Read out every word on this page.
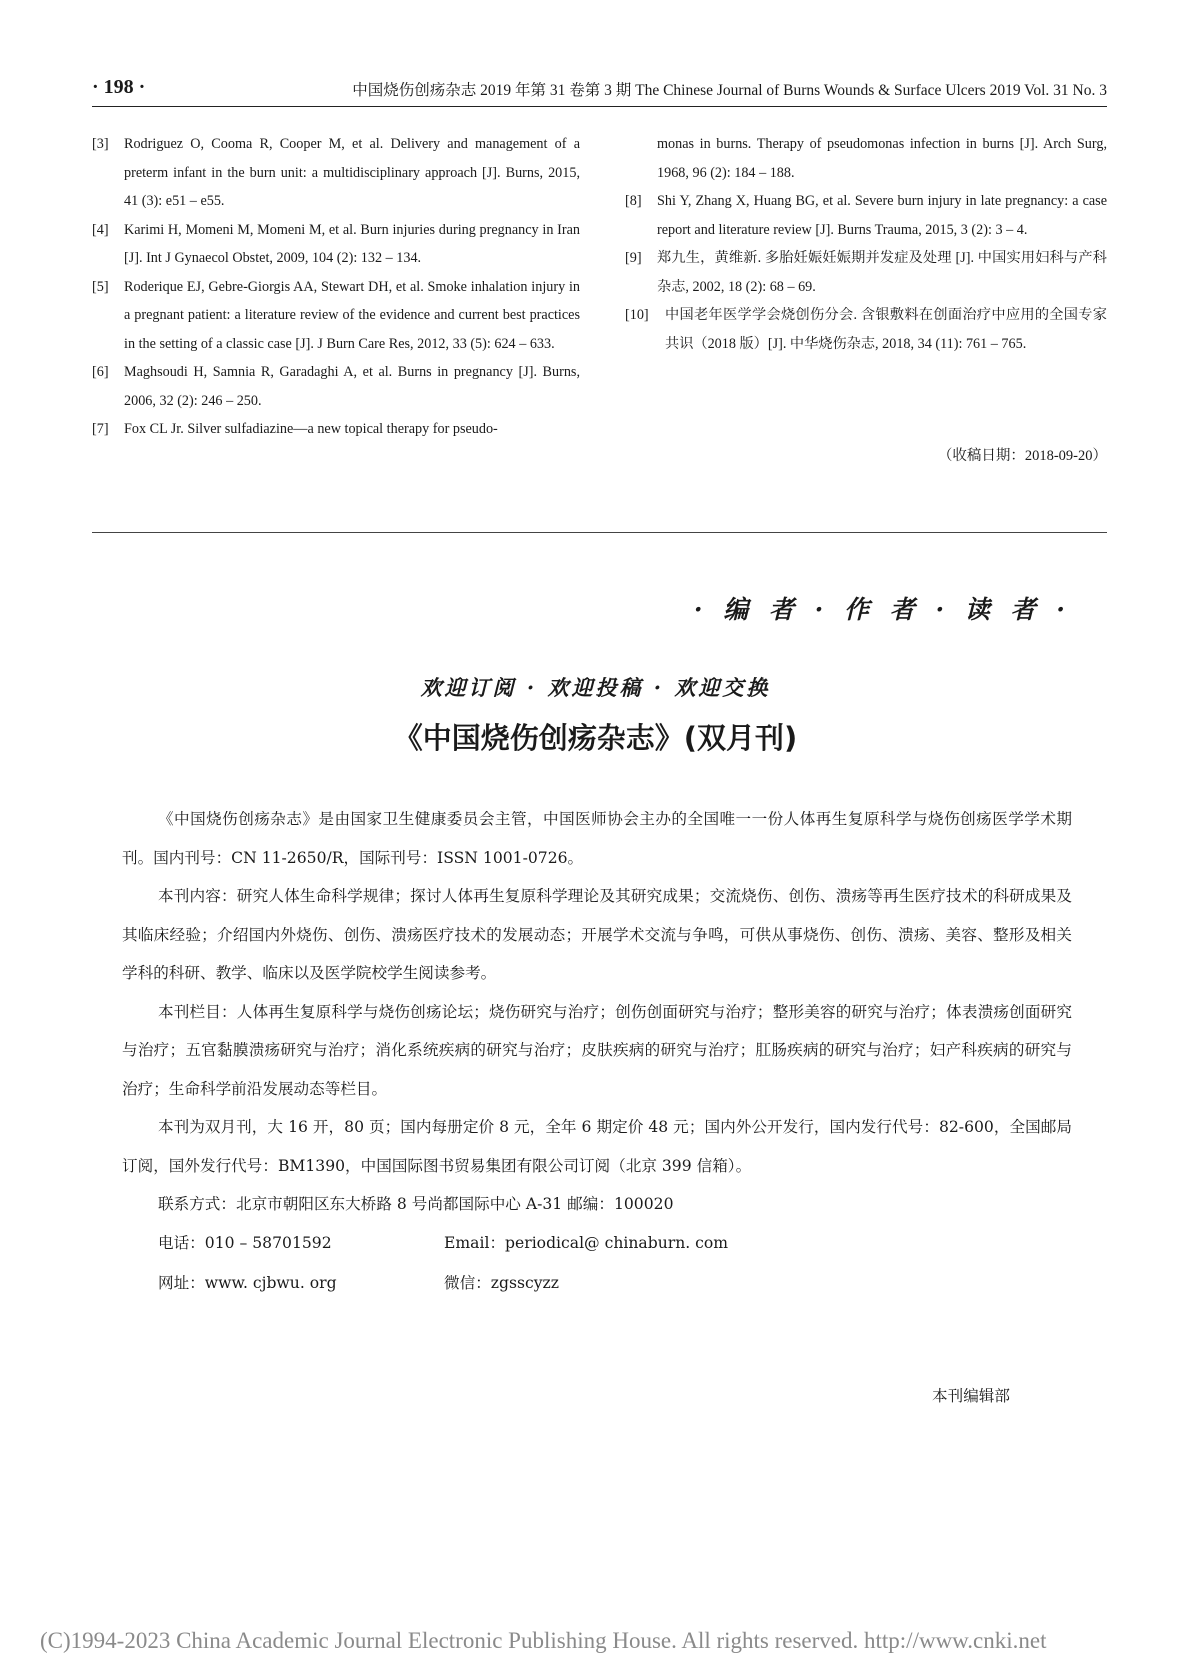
· 198 ·	中国烧伤创疡杂志 2019 年第 31 卷第 3 期 The Chinese Journal of Burns Wounds & Surface Ulcers 2019 Vol. 31 No. 3
[3] Rodriguez O, Cooma R, Cooper M, et al. Delivery and management of a preterm infant in the burn unit: a multidisciplinary approach [J]. Burns, 2015, 41 (3): e51 – e55.
[4] Karimi H, Momeni M, Momeni M, et al. Burn injuries during pregnancy in Iran [J]. Int J Gynaecol Obstet, 2009, 104 (2): 132 – 134.
[5] Roderique EJ, Gebre-Giorgis AA, Stewart DH, et al. Smoke inhalation injury in a pregnant patient: a literature review of the evidence and current best practices in the setting of a classic case [J]. J Burn Care Res, 2012, 33 (5): 624 – 633.
[6] Maghsoudi H, Samnia R, Garadaghi A, et al. Burns in pregnancy [J]. Burns, 2006, 32 (2): 246 – 250.
[7] Fox CL Jr. Silver sulfadiazine—a new topical therapy for pseudo-
monas in burns. Therapy of pseudomonas infection in burns [J]. Arch Surg, 1968, 96 (2): 184 – 188.
[8] Shi Y, Zhang X, Huang BG, et al. Severe burn injury in late pregnancy: a case report and literature review [J]. Burns Trauma, 2015, 3 (2): 3 – 4.
[9] 郑九生，黄维新. 多胎妊娠妊娠期并发症及处理 [J]. 中国实用妇科与产科杂志, 2002, 18 (2): 68 – 69.
[10] 中国老年医学学会烧创伤分会. 含银敷料在创面治疗中应用的全国专家共识（2018 版）[J]. 中华烧伤杂志, 2018, 34 (11): 761 – 765.
（收稿日期：2018-09-20）
· 编 者 · 作 者 · 读 者 ·
欢迎订阅 · 欢迎投稿 · 欢迎交换
《中国烧伤创疡杂志》(双月刊)

《中国烧伤创疡杂志》是由国家卫生健康委员会主管，中国医师协会主办的全国唯一一份人体再生复原科学与烧伤创疡医学学术期刊。国内刊号：CN 11-2650/R，国际刊号：ISSN 1001-0726。

本刊内容：研究人体生命科学规律；探讨人体再生复原科学理论及其研究成果；交流烧伤、创伤、溃疡等再生医疗技术的科研成果及其临床经验；介绍国内外烧伤、创伤、溃疡医疗技术的发展动态；开展学术交流与争鸣，可供从事烧伤、创伤、溃疡、美容、整形及相关学科的科研、教学、临床以及医学院校学生阅读参考。

本刊栏目：人体再生复原科学与烧伤创疡论坛；烧伤研究与治疗；创伤创面研究与治疗；整形美容的研究与治疗；体表溃疡创面研究与治疗；五官黏膜溃疡研究与治疗；消化系统疾病的研究与治疗；皮肤疾病的研究与治疗；肛肠疾病的研究与治疗；妇产科疾病的研究与治疗；生命科学前沿发展动态等栏目。

本刊为双月刊，大 16 开，80 页；国内每册定价 8 元，全年 6 期定价 48 元；国内外公开发行，国内发行代号：82-600，全国邮局订阅，国外发行代号：BM1390，中国国际图书贸易集团有限公司订阅（北京 399 信箱）。

联系方式：北京市朝阳区东大桥路 8 号尚都国际中心 A-31 邮编：100020

电话：010 – 58701592	Email：periodical@ chinaburn. com
网址：www. cjbwu. org	微信：zgsscyzz
本刊编辑部
(C)1994-2023 China Academic Journal Electronic Publishing House. All rights reserved. http://www.cnki.net
